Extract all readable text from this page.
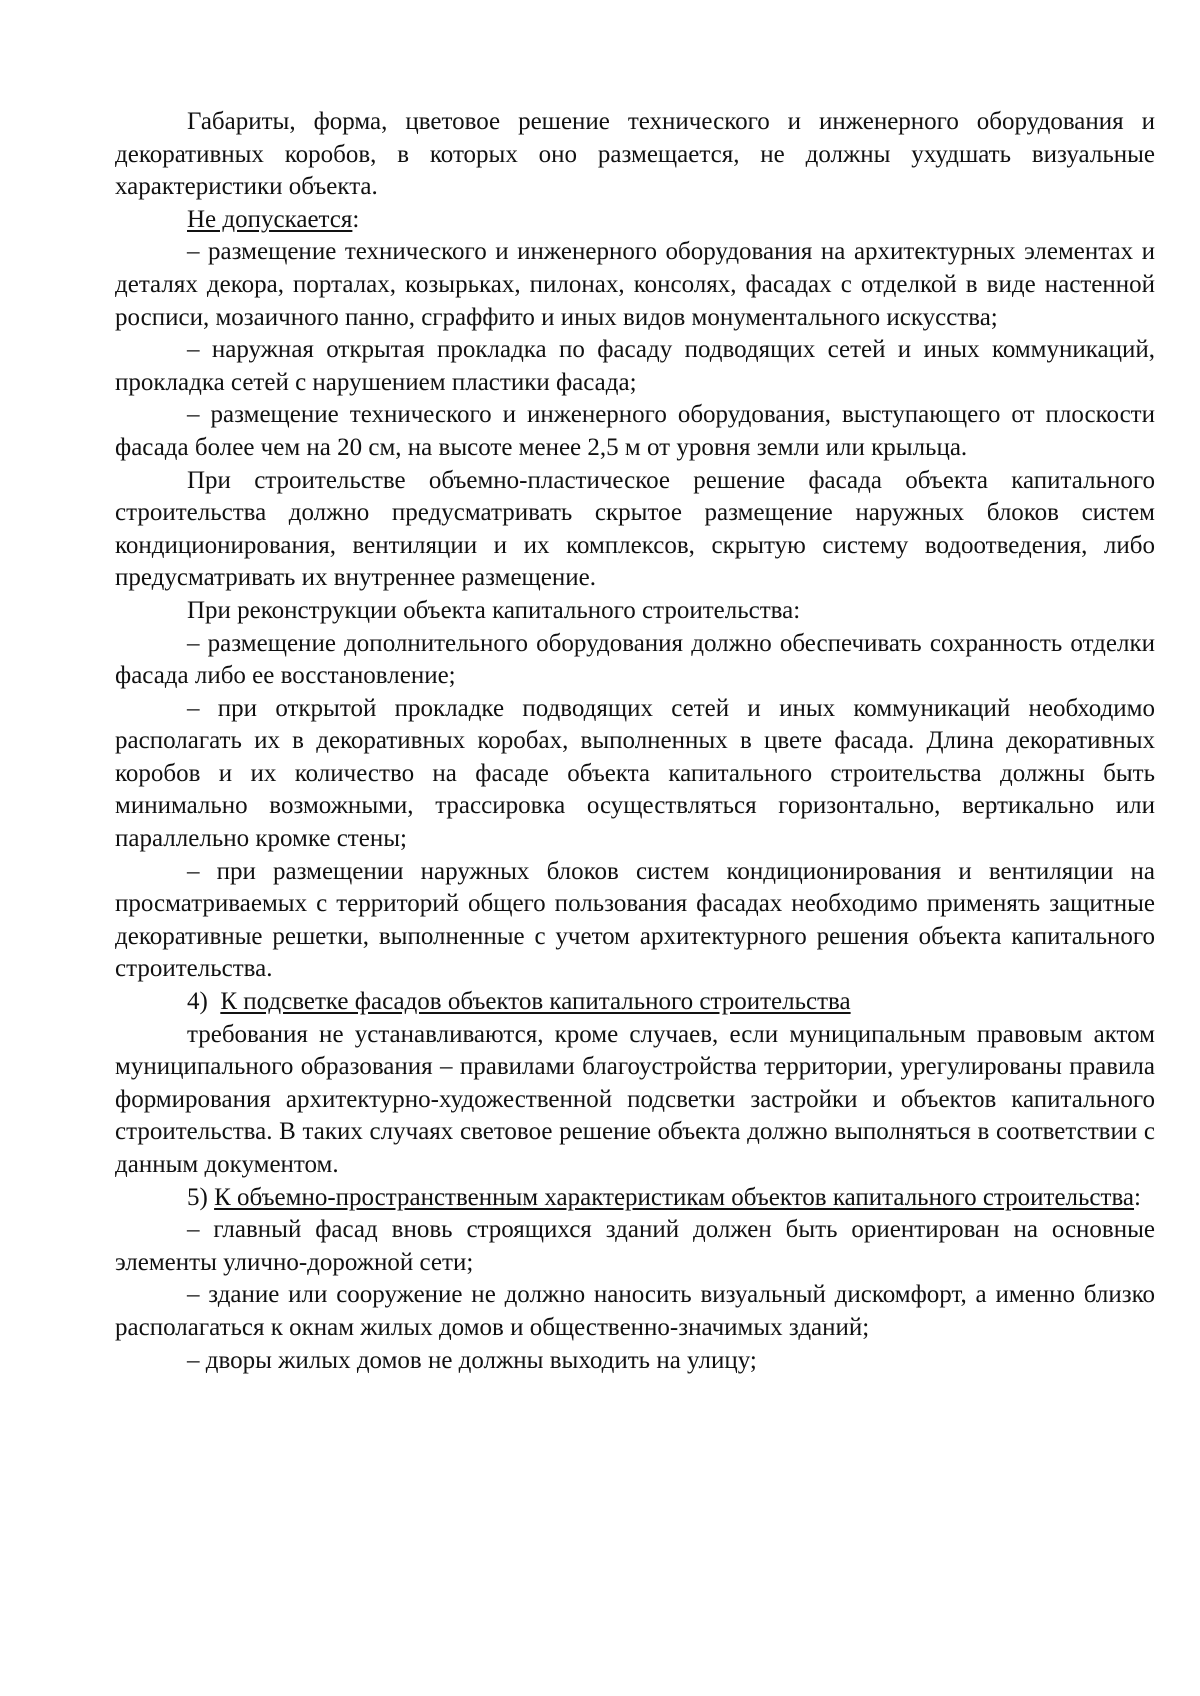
Габариты, форма, цветовое решение технического и инженерного оборудования и декоративных коробов, в которых оно размещается, не должны ухудшать визуальные характеристики объекта.

Не допускается:

– размещение технического и инженерного оборудования на архитектурных элементах и деталях декора, порталах, козырьках, пилонах, консолях, фасадах с отделкой в виде настенной росписи, мозаичного панно, сграффито и иных видов монументального искусства;

– наружная открытая прокладка по фасаду подводящих сетей и иных коммуникаций, прокладка сетей с нарушением пластики фасада;

– размещение технического и инженерного оборудования, выступающего от плоскости фасада более чем на 20 см, на высоте менее 2,5 м от уровня земли или крыльца.

При строительстве объемно-пластическое решение фасада объекта капитального строительства должно предусматривать скрытое размещение наружных блоков систем кондиционирования, вентиляции и их комплексов, скрытую систему водоотведения, либо предусматривать их внутреннее размещение.

При реконструкции объекта капитального строительства:

– размещение дополнительного оборудования должно обеспечивать сохранность отделки фасада либо ее восстановление;

– при открытой прокладке подводящих сетей и иных коммуникаций необходимо располагать их в декоративных коробах, выполненных в цвете фасада. Длина декоративных коробов и их количество на фасаде объекта капитального строительства должны быть минимально возможными, трассировка осуществляться горизонтально, вертикально или параллельно кромке стены;

– при размещении наружных блоков систем кондиционирования и вентиляции на просматриваемых с территорий общего пользования фасадах необходимо применять защитные декоративные решетки, выполненные с учетом архитектурного решения объекта капитального строительства.

4) К подсветке фасадов объектов капитального строительства

требования не устанавливаются, кроме случаев, если муниципальным правовым актом муниципального образования – правилами благоустройства территории, урегулированы правила формирования архитектурно-художественной подсветки застройки и объектов капитального строительства. В таких случаях световое решение объекта должно выполняться в соответствии с данным документом.

5) К объемно-пространственным характеристикам объектов капитального строительства:

– главный фасад вновь строящихся зданий должен быть ориентирован на основные элементы улично-дорожной сети;

– здание или сооружение не должно наносить визуальный дискомфорт, а именно близко располагаться к окнам жилых домов и общественно-значимых зданий;

– дворы жилых домов не должны выходить на улицу;
